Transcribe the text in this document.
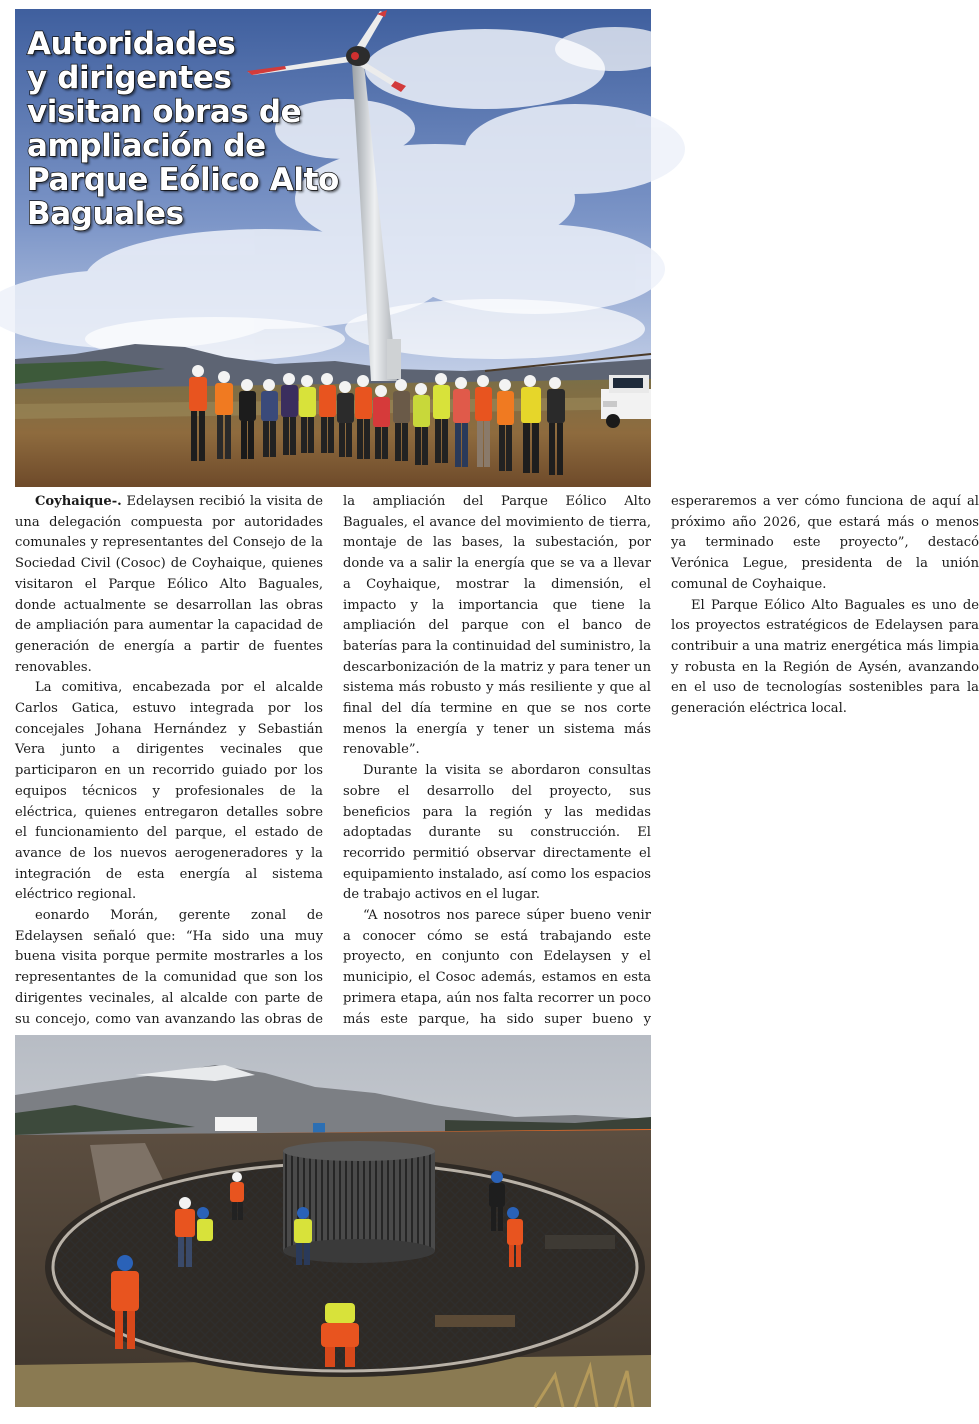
Autoridades
y dirigentes
visitan obras de
ampliación de
Parque Eólico Alto
Baguales

Coyhaique-. Edelaysen recibió la visita de una delegación compuesta por autoridades comunales y representantes del Consejo de la Sociedad Civil (Cosoc) de Coyhaique, quienes visitaron el Parque Eólico Alto Baguales, donde actualmente se desarrollan las obras de ampliación para aumentar la capacidad de generación de energía a partir de fuentes renovables.

La comitiva, encabezada por el alcalde Carlos Gatica, estuvo integrada por los concejales Johana Hernández y Sebastián Vera junto a dirigentes vecinales que participaron en un recorrido guiado por los equipos técnicos y profesionales de la eléctrica, quienes entregaron detalles sobre el funcionamiento del parque, el estado de avance de los nuevos aerogeneradores y la integración de esta energía al sistema eléctrico regional.

eonardo Morán, gerente zonal de Edelaysen señaló que: “Ha sido una muy buena visita porque permite mostrarles a los representantes de la comunidad que son los dirigentes vecinales, al alcalde con parte de su concejo, como van avanzando las obras de la ampliación del Parque Eólico Alto Baguales, el avance del movimiento de tierra, montaje de las bases, la subestación, por donde va a salir la energía que se va a llevar a Coyhaique, mostrar la dimensión, el impacto y la importancia que tiene la ampliación del parque con el banco de baterías para la continuidad del suministro, la descarbonización de la matriz y para tener un sistema más robusto y más resiliente y que al final del día termine en que se nos corte menos la energía y tener un sistema más renovable”.

Durante la visita se abordaron consultas sobre el desarrollo del proyecto, sus beneficios para la región y las medidas adoptadas durante su construcción. El recorrido permitió observar directamente el equipamiento instalado, así como los espacios de trabajo activos en el lugar.

“A nosotros nos parece súper bueno venir a conocer cómo se está trabajando este proyecto, en conjunto con Edelaysen y el municipio, el Cosoc además, estamos en esta primera etapa, aún nos falta recorrer un poco más este parque, ha sido super bueno y esperaremos a ver cómo funciona de aquí al próximo año 2026, que estará más o menos ya terminado este proyecto”, destacó Verónica Legue, presidenta de la unión comunal de Coyhaique.

El Parque Eólico Alto Baguales es uno de los proyectos estratégicos de Edelaysen para contribuir a una matriz energética más limpia y robusta en la Región de Aysén, avanzando en el uso de tecnologías sostenibles para la generación eléctrica local.
